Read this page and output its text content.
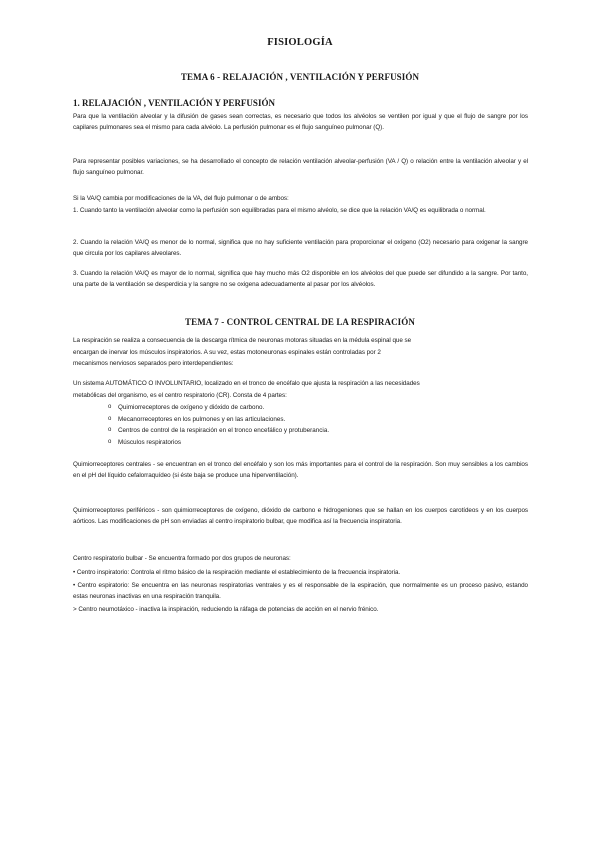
FISIOLOGÍA
TEMA 6 - RELAJACIÓN , VENTILACIÓN Y PERFUSIÓN
1. RELAJACIÓN , VENTILACIÓN Y PERFUSIÓN
Para que la ventilación alveolar y la difusión de gases sean correctas, es necesario que todos los alvéolos se ventilen por igual y que el flujo de sangre por los capilares pulmonares sea el mismo para cada alvéolo. La perfusión pulmonar es el flujo sanguíneo pulmonar (Q).
Para representar posibles variaciones, se ha desarrollado el concepto de relación ventilación alveolar-perfusión (VA / Q) o relación entre la ventilación alveolar y el flujo sanguíneo pulmonar.
Si la VA/Q cambia por modificaciones de la VA, del flujo pulmonar o de ambos:
1. Cuando tanto la ventilación alveolar como la perfusión son equilibradas para el mismo alvéolo, se dice que la relación VA/Q es equilibrada o normal.
2. Cuando la relación VA/Q es menor de lo normal, significa que no hay suficiente ventilación para proporcionar el oxígeno (O2) necesario para oxigenar la sangre que circula por los capilares alveolares.
3. Cuando la relación VA/Q es mayor de lo normal, significa que hay mucho más O2 disponible en los alvéolos del que puede ser difundido a la sangre. Por tanto, una parte de la ventilación se desperdicia y la sangre no se oxigena adecuadamente al pasar por los alvéolos.
TEMA 7 - CONTROL CENTRAL DE LA RESPIRACIÓN
La respiración se realiza a consecuencia de la descarga rítmica de neuronas motoras situadas en la médula espinal que se
encargan de inervar los músculos inspiratorios. A su vez, estas motoneuronas espinales están controladas por 2
mecanismos nerviosos separados pero interdependientes:
Un sistema AUTOMÁTICO O INVOLUNTARIO, localizado en el tronco de encéfalo que ajusta la respiración a las necesidades
metabólicas del organismo, es el centro respiratorio (CR). Consta de 4 partes:
o Quimiorreceptores de oxígeno y dióxido de carbono.
o Mecanorreceptores en los pulmones y en las articulaciones.
o Centros de control de la respiración en el tronco encefálico y protuberancia.
o Músculos respiratorios
Quimiorreceptores centrales - se encuentran en el tronco del encéfalo y son los más importantes para el control de la respiración. Son muy sensibles a los cambios en el pH del líquido cefalorraquídeo (si éste baja se produce una hiperventilación).
Quimiorreceptores periféricos - son quimiorreceptores de oxígeno, dióxido de carbono e hidrogeniones que se hallan en los cuerpos carotídeos y en los cuerpos aórticos. Las modificaciones de pH son enviadas al centro inspiratorio bulbar, que modifica así la frecuencia inspiratoria.
Centro respiratorio bulbar - Se encuentra formado por dos grupos de neuronas:
• Centro inspiratorio: Controla el ritmo básico de la respiración mediante el establecimiento de la frecuencia inspiratoria.
• Centro espiratorio: Se encuentra en las neuronas respiratorias ventrales y es el responsable de la espiración, que normalmente es un proceso pasivo, estando estas neuronas inactivas en una respiración tranquila.
> Centro neumotáxico - inactiva la inspiración, reduciendo la ráfaga de potencias de acción en el nervio frénico.
